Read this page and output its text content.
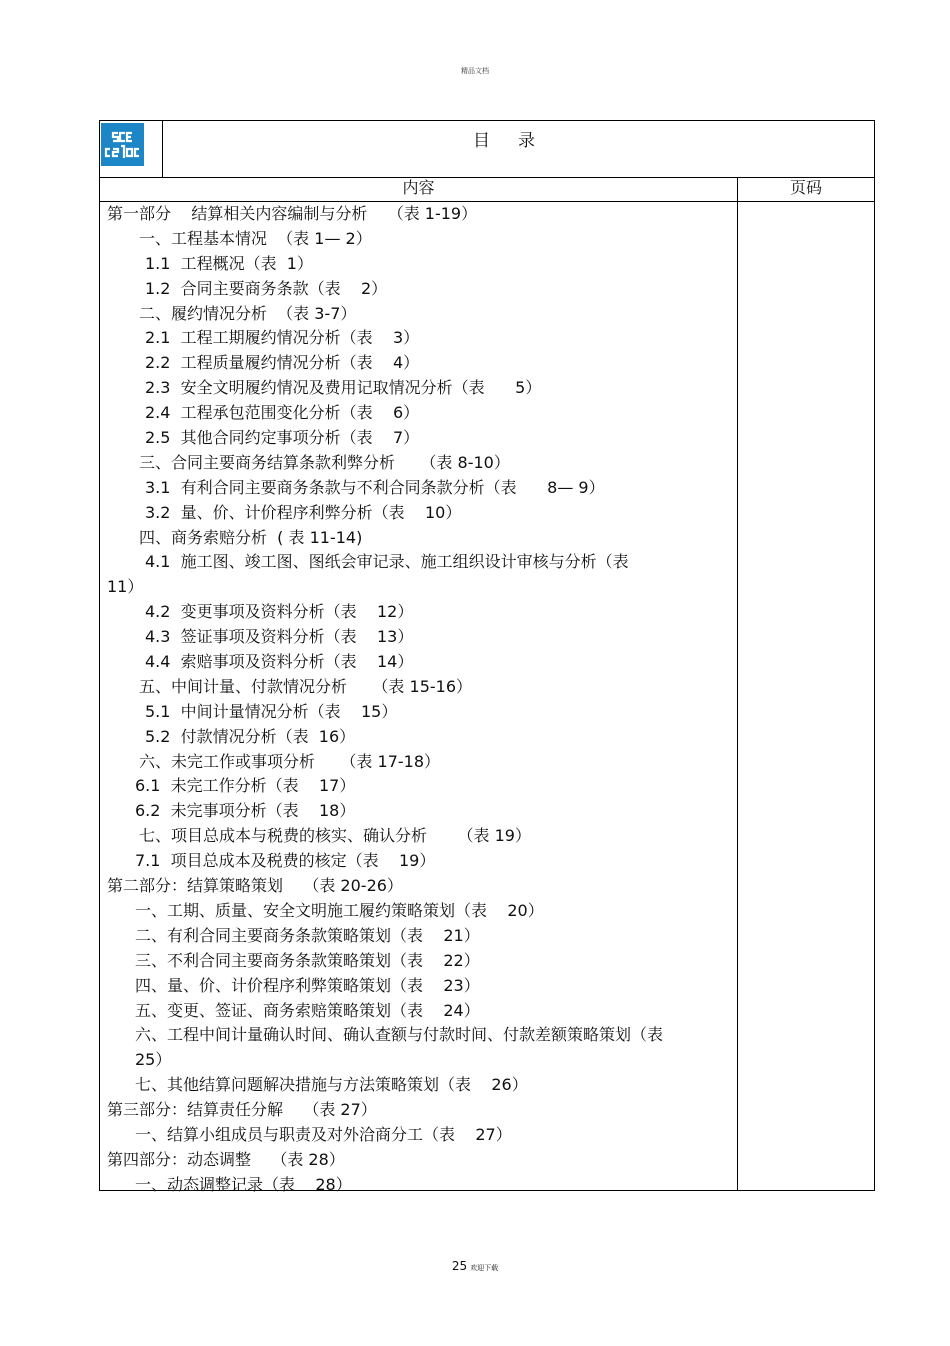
精品文档
目录
内容	页码
第一部分    结算相关内容编制与分析    （表 1-19）
一、工程基本情况  （表 1— 2）
1.1  工程概况（表  1）
1.2  合同主要商务条款（表    2）
二、履约情况分析  （表 3-7）
2.1  工程工期履约情况分析（表    3）
2.2  工程质量履约情况分析（表    4）
2.3  安全文明履约情况及费用记取情况分析（表      5）
2.4  工程承包范围变化分析（表    6）
2.5  其他合同约定事项分析（表    7）
三、合同主要商务结算条款利弊分析     （表 8-10）
3.1  有利合同主要商务条款与不利合同条款分析（表      8— 9）
3.2  量、价、计价程序利弊分析（表    10）
四、商务索赔分析  ( 表 11-14)
4.1  施工图、竣工图、图纸会审记录、施工组织设计审核与分析（表
11）
4.2  变更事项及资料分析（表    12）
4.3  签证事项及资料分析（表    13）
4.4  索赔事项及资料分析（表    14）
五、中间计量、付款情况分析     （表 15-16）
5.1  中间计量情况分析（表    15）
5.2  付款情况分析（表  16）
六、未完工作或事项分析     （表 17-18）
6.1  未完工作分析（表    17）
6.2  未完事项分析（表    18）
七、项目总成本与税费的核实、确认分析      （表 19）
7.1  项目总成本及税费的核定（表    19）
第二部分：结算策略策划    （表 20-26）
一、工期、质量、安全文明施工履约策略策划（表    20）
二、有利合同主要商务条款策略策划（表    21）
三、不利合同主要商务条款策略策划（表    22）
四、量、价、计价程序利弊策略策划（表    23）
五、变更、签证、商务索赔策略策划（表    24）
六、工程中间计量确认时间、确认查额与付款时间、付款差额策略策划（表
25）
七、其他结算问题解决措施与方法策略策划（表    26）
第三部分：结算责任分解    （表 27）
一、结算小组成员与职责及对外洽商分工（表    27）
第四部分：动态调整    （表 28）
一、动态调整记录（表    28）
25 欢迎下载
